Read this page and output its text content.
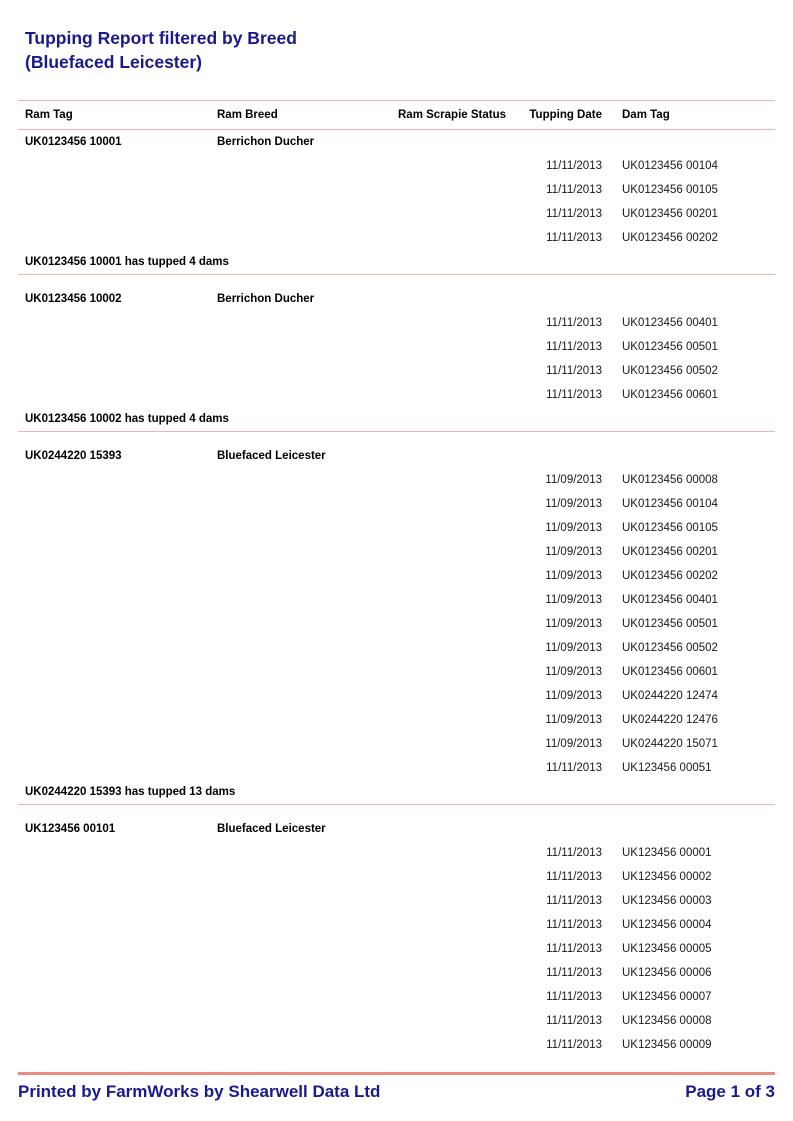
Tupping Report filtered by Breed
(Bluefaced Leicester)
Ram Tag	Ram Breed	Ram Scrapie Status	Tupping Date	Dam Tag
UK0123456 10001	Berrichon Ducher
11/11/2013	UK0123456 00104
11/11/2013	UK0123456 00105
11/11/2013	UK0123456 00201
11/11/2013	UK0123456 00202
UK0123456 10001 has tupped 4 dams
UK0123456 10002	Berrichon Ducher
11/11/2013	UK0123456 00401
11/11/2013	UK0123456 00501
11/11/2013	UK0123456 00502
11/11/2013	UK0123456 00601
UK0123456 10002 has tupped 4 dams
UK0244220 15393	Bluefaced Leicester
11/09/2013	UK0123456 00008
11/09/2013	UK0123456 00104
11/09/2013	UK0123456 00105
11/09/2013	UK0123456 00201
11/09/2013	UK0123456 00202
11/09/2013	UK0123456 00401
11/09/2013	UK0123456 00501
11/09/2013	UK0123456 00502
11/09/2013	UK0123456 00601
11/09/2013	UK0244220 12474
11/09/2013	UK0244220 12476
11/09/2013	UK0244220 15071
11/11/2013	UK123456 00051
UK0244220 15393 has tupped 13 dams
UK123456 00101	Bluefaced Leicester
11/11/2013	UK123456 00001
11/11/2013	UK123456 00002
11/11/2013	UK123456 00003
11/11/2013	UK123456 00004
11/11/2013	UK123456 00005
11/11/2013	UK123456 00006
11/11/2013	UK123456 00007
11/11/2013	UK123456 00008
11/11/2013	UK123456 00009
Printed by FarmWorks by Shearwell Data Ltd	Page 1 of 3
